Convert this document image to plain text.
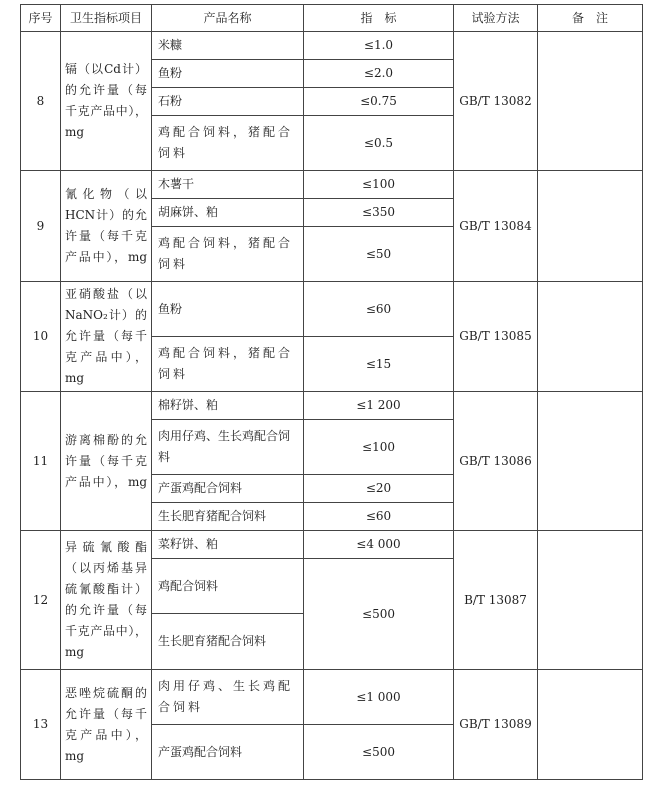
序号	卫生指标项目	产品名称	指　标	试验方法	备　注
8	镉（以Cd计）的允许量（每千克产品中），mg	米糠	≤1.0	GB/T 13082	
		鱼粉	≤2.0		
		石粉	≤0.75		
		鸡配合饲料，猪配合饲料	≤0.5		
9	氰化物（以HCN计）的允许量（每千克产品中），mg	木薯干	≤100	GB/T 13084	
		胡麻饼、粕	≤350		
		鸡配合饲料，猪配合饲料	≤50		
10	亚硝酸盐（以NaNO₂计）的允许量（每千克产品中），mg	鱼粉	≤60	GB/T 13085	
		鸡配合饲料，猪配合饲料	≤15		
11	游离棉酚的允许量（每千克产品中），mg	棉籽饼、粕	≤1 200	GB/T 13086	
		肉用仔鸡、生长鸡配合饲料	≤100		
		产蛋鸡配合饲料	≤20		
		生长肥育猪配合饲料	≤60		
12	异硫氰酸酯（以丙烯基异硫氰酸酯计）的允许量（每千克产品中），mg	菜籽饼、粕	≤4 000	B/T 13087	
		鸡配合饲料	≤500		
		生长肥育猪配合饲料			
13	恶唑烷硫酮的允许量（每千克产品中），mg	肉用仔鸡、生长鸡配合饲料	≤1 000	GB/T 13089	
		产蛋鸡配合饲料	≤500		
